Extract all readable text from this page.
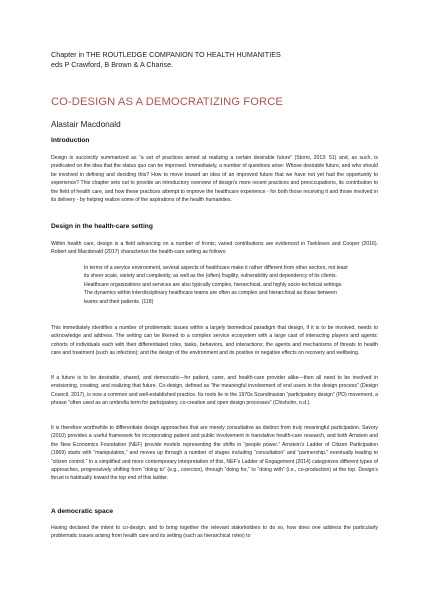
Chapter in THE ROUTLEDGE COMPANION TO HEALTH HUMANITIES
eds P Crawford, B Brown & A Charise.
CO-DESIGN AS A DEMOCRATIZING FORCE
Alastair Macdonald
Introduction
Design is succinctly summarized as “a set of practices aimed at realizing a certain desirable future” (Storni, 2013: 51) and, as such, is predicated on the idea that the status quo can be improved. Immediately, a number of questions arise: Whose desirable future, and who should be involved in defining and deciding this? How to move toward an idea of an improved future that we have not yet had the opportunity to experience? This chapter sets out to provide an introductory overview of design’s more recent practices and preoccupations, its contribution to the field of health care, and how these practices attempt to improve the healthcare experience - for both those receiving it and those involved in its delivery - by helping realize some of the aspirations of the health humanities.
Design in the health-care setting
Within health care, design is a field advancing on a number of fronts; varied contributions are evidenced in Tsekleves and Cooper (2016). Robert and Macdonald (2017) characterize the health-care setting as follows:
In terms of a service environment, several aspects of healthcare make it rather different from other sectors, not least its sheer scale, variety and complexity, as well as the (often) fragility, vulnerability and dependency of its clients. Healthcare organizations and services are also typically complex, hierarchical, and highly socio-technical settings. The dynamics within interdisciplinary healthcare teams are often as complex and hierarchical as those between teams and their patients. (118)
This immediately identifies a number of problematic issues within a largely biomedical paradigm that design, if it is to be involved, needs to acknowledge and address. The setting can be likened to a complex service ecosystem with a large cast of interacting players and agents: cohorts of individuals each with their differentiated roles, tasks, behaviors, and interactions; the agents and mechanisms of threats to health care and treatment (such as infection); and the design of the environment and its positive or negative effects on recovery and wellbeing.
If a future is to be desirable, shared, and democratic—for patient, carer, and health-care provider alike—then all need to be involved in envisioning, creating, and realizing that future. Co-design, defined as “the meaningful involvement of end users in the design process” (Design Council, 2017), is now a common and well-established practice. Its roots lie in the 1970s Scandinavian “participatory design” (PD) movement, a phrase “often used as an umbrella term for participatory, co-creation and open design processes” (Chisholm, n.d.).
It is therefore worthwhile to differentiate design approaches that are merely consultative as distinct from truly meaningful participation. Savory (2010) provides a useful framework for incorporating patient and public involvement in translative health-care research, and both Arnstein and the New Economics Foundation (NEF) provide models representing the shifts in “people power.” Arnstein’s Ladder of Citizen Participation (1969) starts with “manipulation,” and moves up through a number of stages including “consultation” and “partnership,” eventually leading to “citizen control.” In a simplified and more contemporary interpretation of this, NEF’s Ladder of Engagement (2014) categorizes different types of approaches, progressively shifting from “doing to” (e.g., coercion), through “doing for,” to “doing with” (i.e., co-production) at the top. Design’s thrust is habitually toward the top end of this ladder.
A democratic space
Having declared the intent to co-design, and to bring together the relevant stakeholders to do so, how does one address the particularly problematic issues arising from health care and its setting (such as hierarchical roles) to
